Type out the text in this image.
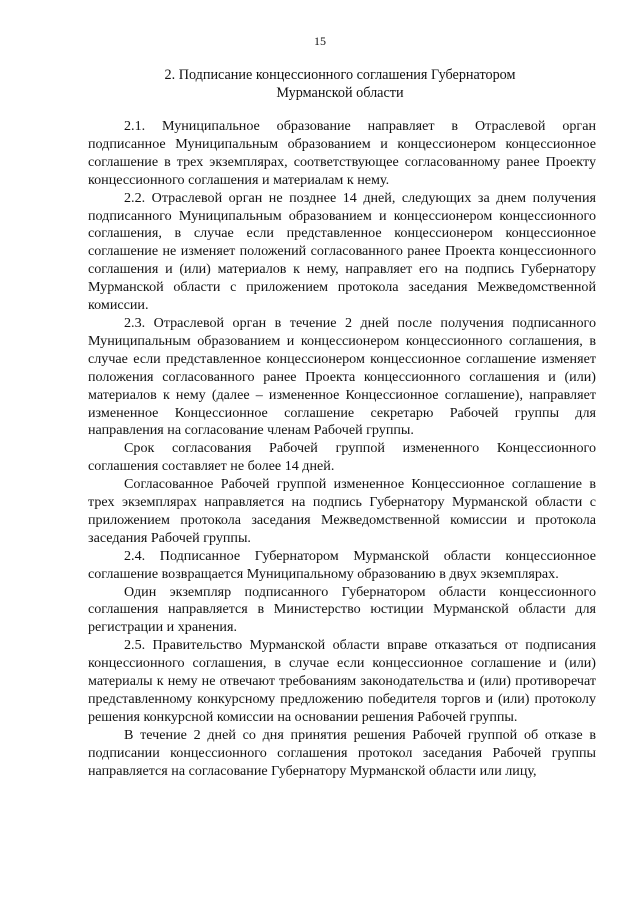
15
2. Подписание концессионного соглашения Губернатором
Мурманской области

2.1. Муниципальное образование направляет в Отраслевой орган подписанное Муниципальным образованием и концессионером концессионное соглашение в трех экземплярах, соответствующее согласованному ранее Проекту концессионного соглашения и материалам к нему.

2.2. Отраслевой орган не позднее 14 дней, следующих за днем получения подписанного Муниципальным образованием и концессионером концессионного соглашения, в случае если представленное концессионером концессионное соглашение не изменяет положений согласованного ранее Проекта концессионного соглашения и (или) материалов к нему, направляет его на подпись Губернатору Мурманской области с приложением протокола заседания Межведомственной комиссии.

2.3. Отраслевой орган в течение 2 дней после получения подписанного Муниципальным образованием и концессионером концессионного соглашения, в случае если представленное концессионером концессионное соглашение изменяет положения согласованного ранее Проекта концессионного соглашения и (или) материалов к нему (далее – измененное Концессионное соглашение), направляет измененное Концессионное соглашение секретарю Рабочей группы для направления на согласование членам Рабочей группы.

Срок согласования Рабочей группой измененного Концессионного соглашения составляет не более 14 дней.

Согласованное Рабочей группой измененное Концессионное соглашение в трех экземплярах направляется на подпись Губернатору Мурманской области с приложением протокола заседания Межведомственной комиссии и протокола заседания Рабочей группы.

2.4. Подписанное Губернатором Мурманской области концессионное соглашение возвращается Муниципальному образованию в двух экземплярах.

Один экземпляр подписанного Губернатором области концессионного соглашения направляется в Министерство юстиции Мурманской области для регистрации и хранения.

2.5. Правительство Мурманской области вправе отказаться от подписания концессионного соглашения, в случае если концессионное соглашение и (или) материалы к нему не отвечают требованиям законодательства и (или) противоречат представленному конкурсному предложению победителя торгов и (или) протоколу решения конкурсной комиссии на основании решения Рабочей группы.

В течение 2 дней со дня принятия решения Рабочей группой об отказе в подписании концессионного соглашения протокол заседания Рабочей группы направляется на согласование Губернатору Мурманской области или лицу,
